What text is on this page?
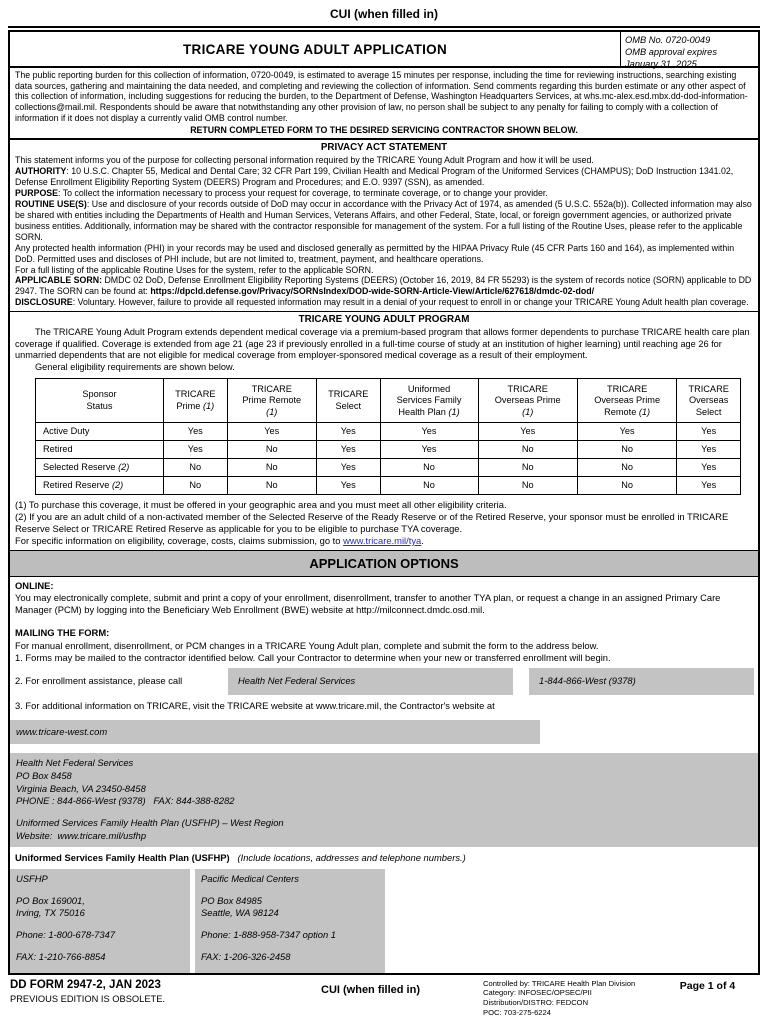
CUI (when filled in)
TRICARE YOUNG ADULT APPLICATION
OMB No. 0720-0049
OMB approval expires
January 31, 2025
The public reporting burden for this collection of information, 0720-0049, is estimated to average 15 minutes per response, including the time for reviewing instructions, searching existing data sources, gathering and maintaining the data needed, and completing and reviewing the collection of information. Send comments regarding this burden estimate or any other aspect of this collection of information, including suggestions for reducing the burden, to the Department of Defense, Washington Headquarters Services, at whs.mc-alex.esd.mbx.dd-dod-information-collections@mail.mil. Respondents should be aware that notwithstanding any other provision of law, no person shall be subject to any penalty for failing to comply with a collection of information if it does not display a currently valid OMB control number.
RETURN COMPLETED FORM TO THE DESIRED SERVICING CONTRACTOR SHOWN BELOW.
PRIVACY ACT STATEMENT

This statement informs you of the purpose for collecting personal information required by the TRICARE Young Adult Program and how it will be used.

AUTHORITY: 10 U.S.C. Chapter 55, Medical and Dental Care; 32 CFR Part 199, Civilian Health and Medical Program of the Uniformed Services (CHAMPUS); DoD Instruction 1341.02, Defense Enrollment Eligibility Reporting System (DEERS) Program and Procedures; and E.O. 9397 (SSN), as amended.

PURPOSE: To collect the information necessary to process your request for coverage, to terminate coverage, or to change your provider.

ROUTINE USE(S): Use and disclosure of your records outside of DoD may occur in accordance with the Privacy Act of 1974, as amended (5 U.S.C. 552a(b)). Collected information may also be shared with entities including the Departments of Health and Human Services, Veterans Affairs, and other Federal, State, local, or foreign government agencies, or authorized private business entities. Additionally, information may be shared with the contractor responsible for management of the system. For a full listing of the Routine Uses, please refer to the applicable SORN.

Any protected health information (PHI) in your records may be used and disclosed generally as permitted by the HIPAA Privacy Rule (45 CFR Parts 160 and 164), as implemented within DoD. Permitted uses and discloses of PHI include, but are not limited to, treatment, payment, and healthcare operations.

For a full listing of the applicable Routine Uses for the system, refer to the applicable SORN.

APPLICABLE SORN: DMDC 02 DoD, Defense Enrollment Eligibility Reporting Systems (DEERS) (October 16, 2019, 84 FR 55293) is the system of records notice (SORN) applicable to DD 2947. The SORN can be found at: https://dpcld.defense.gov/Privacy/SORNsIndex/DOD-wide-SORN-Article-View/Article/627618/dmdc-02-dod/

DISCLOSURE: Voluntary. However, failure to provide all requested information may result in a denial of your request to enroll in or change your TRICARE Young Adult health plan coverage.

TRICARE YOUNG ADULT PROGRAM

The TRICARE Young Adult Program extends dependent medical coverage via a premium-based program that allows former dependents to purchase TRICARE health care plan coverage if qualified. Coverage is extended from age 21 (age 23 if previously enrolled in a full-time course of study at an institution of higher learning) until reaching age 26 for unmarried dependents that are not eligible for medical coverage from employer-sponsored medical coverage as a result of their employment.

General eligibility requirements are shown below.

Sponsor
Status

TRICARE
Prime (1)

TRICARE
Prime Remote
(1)

TRICARE
Select

Uniformed
Services Family
Health Plan (1)

TRICARE
Overseas Prime
(1)

TRICARE
Overseas Prime
Remote (1)

TRICARE
Overseas
Select

Active Duty	Yes	Yes	Yes	Yes	Yes	Yes	Yes
Retired	Yes	No	Yes	Yes	No	No	Yes
Selected Reserve (2)	No	No	Yes	No	No	No	Yes
Retired Reserve (2)	No	No	Yes	No	No	No	Yes
(1) To purchase this coverage, it must be offered in your geographic area and you must meet all other eligibility criteria.
(2) If you are an adult child of a non-activated member of the Selected Reserve of the Ready Reserve or of the Retired Reserve, your sponsor must be enrolled in TRICARE Reserve Select or TRICARE Retired Reserve as applicable for you to be eligible to purchase TYA coverage.
For specific information on eligibility, coverage, costs, claims submission, go to www.tricare.mil/tya.
APPLICATION OPTIONS
ONLINE:
You may electronically complete, submit and print a copy of your enrollment, disenrollment, transfer to another TYA plan, or request a change in an assigned Primary Care Manager (PCM) by logging into the Beneficiary Web Enrollment (BWE) website at http://milconnect.dmdc.osd.mil.
MAILING THE FORM:
For manual enrollment, disenrollment, or PCM changes in a TRICARE Young Adult plan, complete and submit the form to the address below.
1. Forms may be mailed to the contractor identified below. Call your Contractor to determine when your new or transferred enrollment will begin.
2. For enrollment assistance, please call	Health Net Federal Services	1-844-866-West (9378)
3. For additional information on TRICARE, visit the TRICARE website at www.tricare.mil, the Contractor's website at
www.tricare-west.com
Health Net Federal Services
PO Box 8458
Virginia Beach, VA 23450-8458
PHONE : 844-866-West (9378)   FAX: 844-388-8282
Uniformed Services Family Health Plan (USFHP) – West Region
Website:  www.tricare.mil/usfhp
Uniformed Services Family Health Plan (USFHP) (Include locations, addresses and telephone numbers.)
USFHP
PO Box 169001,
Irving, TX 75016
Phone: 1-800-678-7347
FAX: 1-210-766-8854
Pacific Medical Centers
PO Box 84985
Seattle, WA 98124
Phone: 1-888-958-7347 option 1
FAX: 1-206-326-2458
DD FORM 2947-2, JAN 2023
PREVIOUS EDITION IS OBSOLETE.
CUI (when filled in)
Controlled by: TRICARE Health Plan Division
Category: INFOSEC/OPSEC/PII
Distribution/DISTRO: FEDCON
POC: 703-275-6224
Page 1 of 4
